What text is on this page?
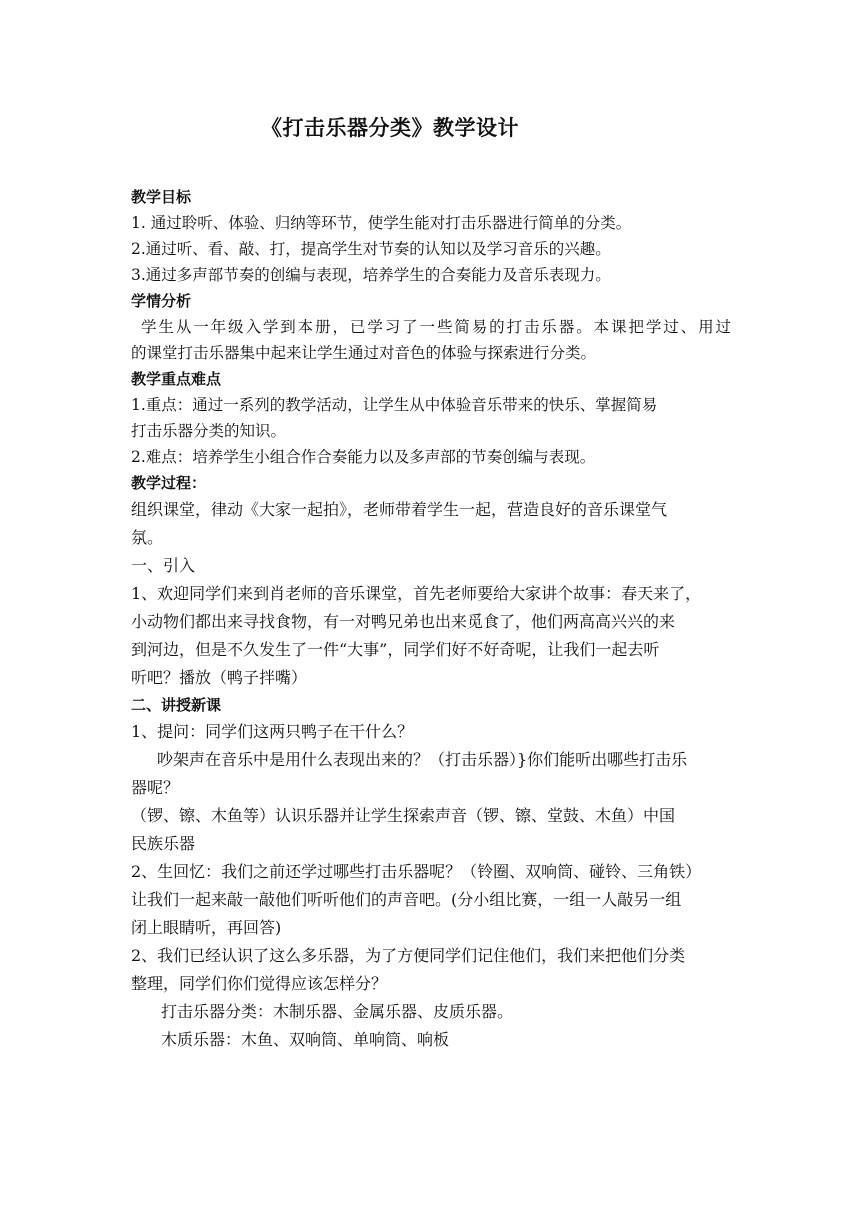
《打击乐器分类》教学设计
教学目标
1. 通过聆听、体验、归纳等环节，使学生能对打击乐器进行简单的分类。
2.通过听、看、敲、打，提高学生对节奏的认知以及学习音乐的兴趣。
3.通过多声部节奏的创编与表现，培养学生的合奏能力及音乐表现力。
学情分析
学生从一年级入学到本册，已学习了一些简易的打击乐器。本课把学过、用过
的课堂打击乐器集中起来让学生通过对音色的体验与探索进行分类。
教学重点难点
1.重点：通过一系列的教学活动，让学生从中体验音乐带来的快乐、掌握简易
打击乐器分类的知识。
2.难点：培养学生小组合作合奏能力以及多声部的节奏创编与表现。
教学过程：
组织课堂，律动《大家一起拍》，老师带着学生一起，营造良好的音乐课堂气
氛。
一、引入
1、欢迎同学们来到肖老师的音乐课堂，首先老师要给大家讲个故事：春天来了，
小动物们都出来寻找食物，有一对鸭兄弟也出来觅食了，他们两高高兴兴的来
到河边，但是不久发生了一件“大事”，同学们好不好奇呢，让我们一起去听
听吧？播放（鸭子拌嘴）
二、讲授新课
1、提问：同学们这两只鸭子在干什么？
吵架声在音乐中是用什么表现出来的？（打击乐器）}你们能听出哪些打击乐
器呢？
（锣、镲、木鱼等）认识乐器并让学生探索声音（锣、镲、堂鼓、木鱼）中国
民族乐器
2、生回忆：我们之前还学过哪些打击乐器呢？（铃圈、双响筒、碰铃、三角铁）
让我们一起来敲一敲他们听听他们的声音吧。(分小组比赛，一组一人敲另一组
闭上眼睛听，再回答)
2、我们已经认识了这么多乐器，为了方便同学们记住他们，我们来把他们分类
整理，同学们你们觉得应该怎样分？
打击乐器分类：木制乐器、金属乐器、皮质乐器。
木质乐器：木鱼、双响筒、单响筒、响板
